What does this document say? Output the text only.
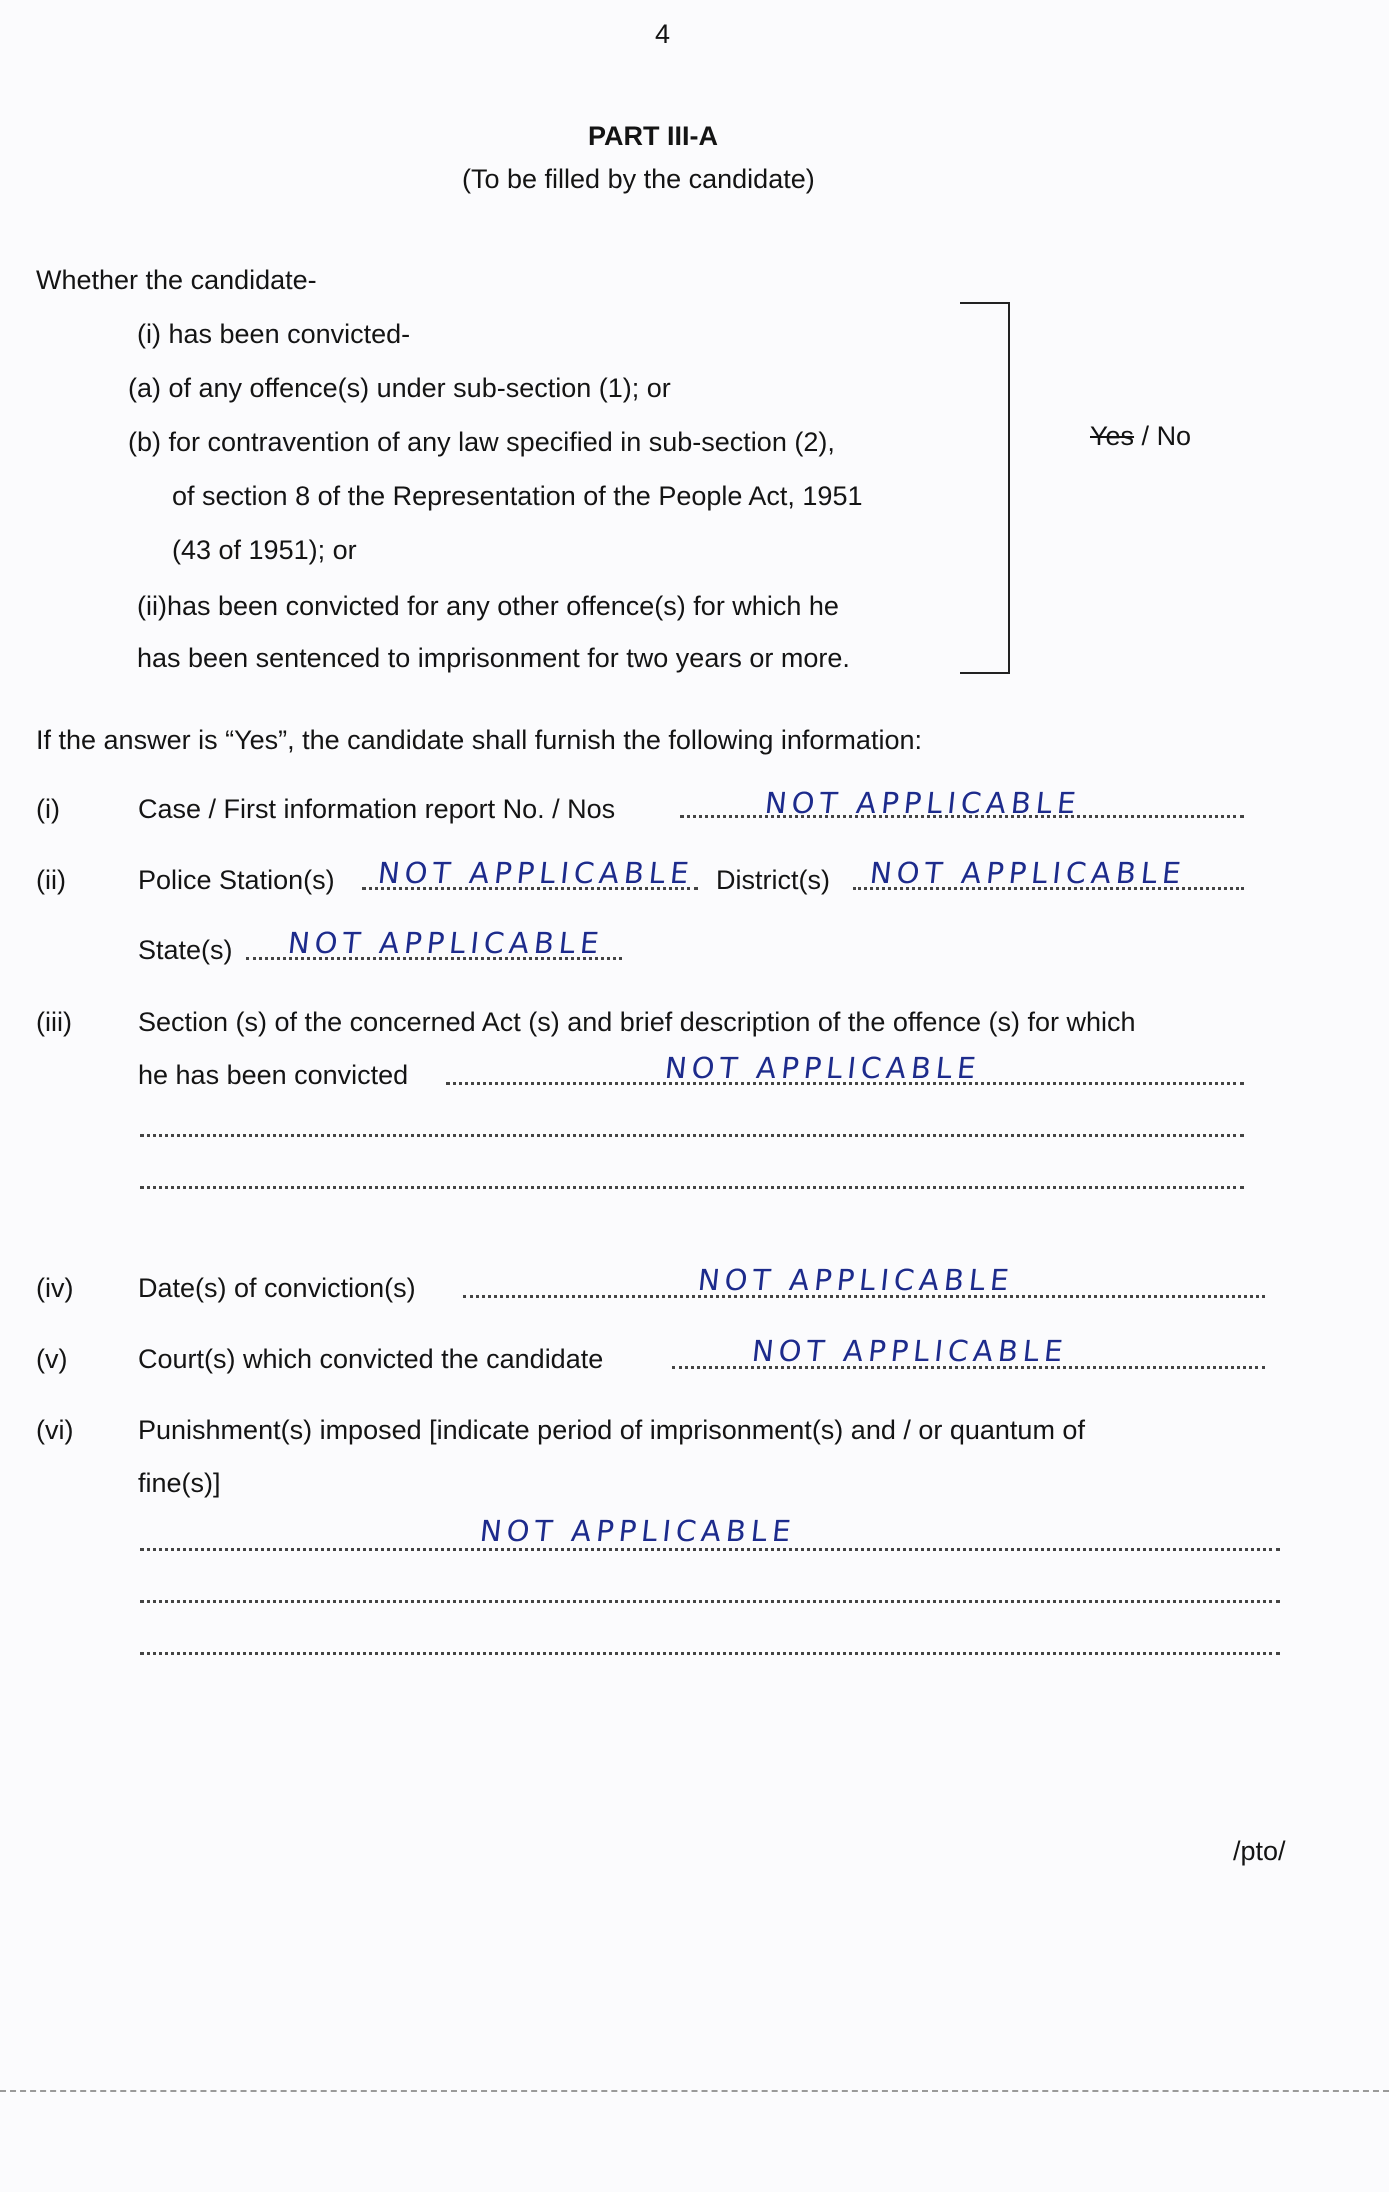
4
PART III-A
(To be filled by the candidate)
Whether the candidate-
(i) has been convicted-
(a) of any offence(s) under sub-section (1); or
(b) for contravention of any law specified in sub-section (2),
of section 8 of the Representation of the People Act, 1951
(43 of 1951); or
(ii)has been convicted for any other offence(s) for which he
has been sentenced to imprisonment for two years or more.
Yes / No
If the answer is “Yes”, the candidate shall furnish the following information:
(i)	Case / First information report No. / Nos	NOT APPLICABLE
(ii)	Police Station(s) NOT APPLICABLE District(s) NOT APPLICABLE
State(s) NOT APPLICABLE
(iii) Section (s) of the concerned Act (s) and brief description of the offence (s) for which
he has been convicted	NOT APPLICABLE
(iv) Date(s) of conviction(s)	NOT APPLICABLE
(v)	Court(s) which convicted the candidate	NOT APPLICABLE
(vi) Punishment(s) imposed [indicate period of imprisonment(s) and / or quantum of
fine(s)]
NOT APPLICABLE
/pto/
